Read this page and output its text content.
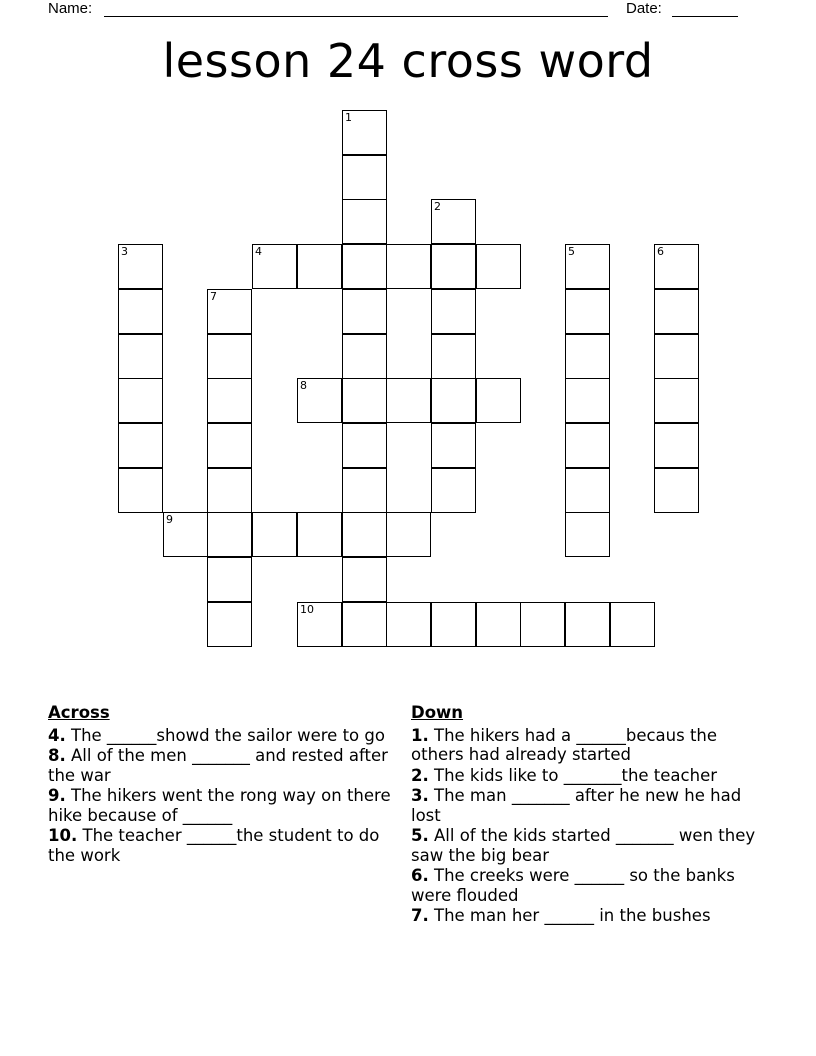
Name:	Date:
lesson 24 cross word
1
2
3	4	5	6
7
8
9
10
Across
4. The ______showd the sailor were to go
8. All of the men _______ and rested after the war
9. The hikers went the rong way on there hike because of ______
10. The teacher ______the student to do the work
Down
1. The hikers had a ______becaus the others had already started
2. The kids like to _______the teacher
3. The man _______ after he new he had lost
5. All of the kids started _______ wen they saw the big bear
6. The creeks were ______ so the banks were flouded
7. The man her ______ in the bushes
